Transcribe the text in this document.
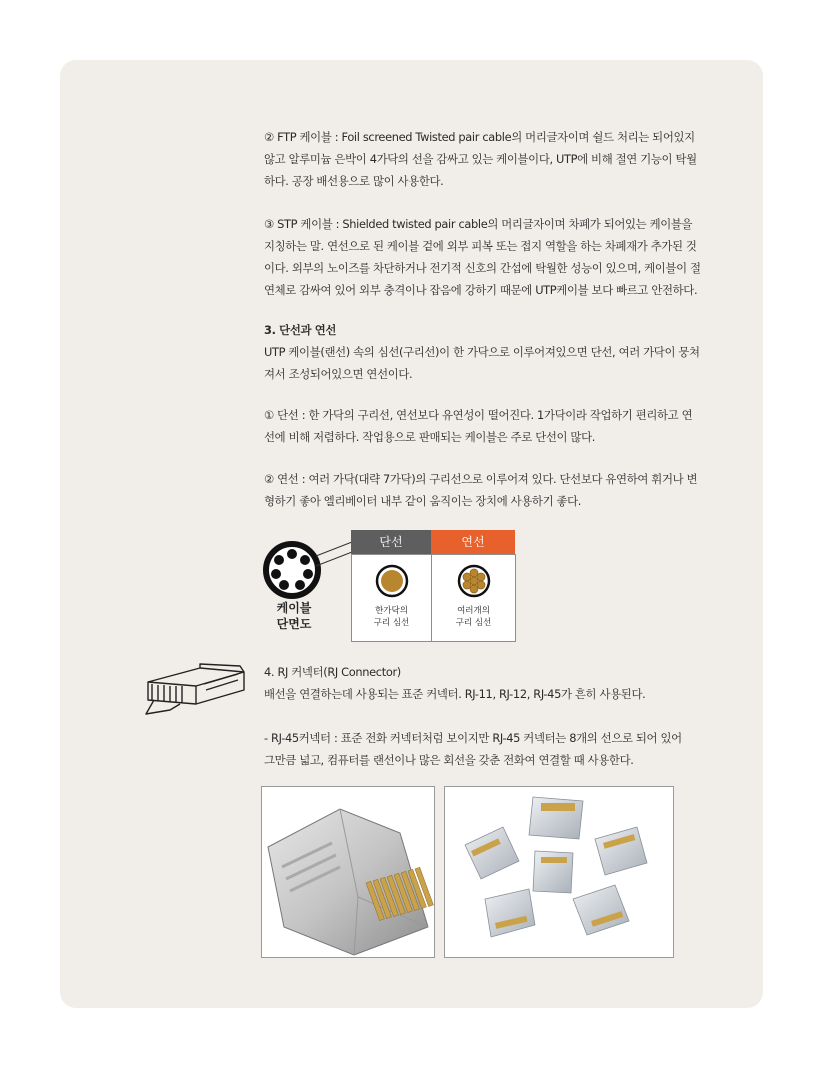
② FTP 케이블 : Foil screened Twisted pair cable의 머리글자이며 쉴드 처리는 되어있지

않고 알루미늄 은박이 4가닥의 선을 감싸고 있는 케이블이다, UTP에 비해 절연 기능이 탁월

하다. 공장 배선용으로 많이 사용한다.

③ STP 케이블 : Shielded twisted pair cable의 머리글자이며 차폐가 되어있는 케이블을

지칭하는 말. 연선으로 된 케이블 겉에 외부 피복 또는 접지 역할을 하는 차폐재가 추가된 것

이다. 외부의 노이즈를 차단하거나 전기적 신호의 간섭에 탁월한 성능이 있으며, 케이블이 절

연체로 감싸여 있어 외부 충격이나 잡음에 강하기 때문에 UTP케이블 보다 빠르고 안전하다.

3. 단선과 연선

UTP 케이블(랜선) 속의 심선(구리선)이 한 가닥으로 이루어져있으면 단선, 여러 가닥이 뭉쳐

져서 조성되어있으면 연선이다.

① 단선 : 한 가닥의 구리선, 연선보다 유연성이 떨어진다. 1가닥이라 작업하기 편리하고 연

선에 비해 저렴하다. 작업용으로 판매되는 케이블은 주로 단선이 많다.

② 연선 : 여러 가닥(대략 7가닥)의 구리선으로 이루어져 있다. 단선보다 유연하여 휘거나 변

형하기 좋아 엘리베이터 내부 같이 움직이는 장치에 사용하기 좋다.

케이블
단면도
단선	연선
한가닥의
구리 심선
여러개의
구리 심선

4. RJ 커넥터(RJ Connector)

배선을 연결하는데 사용되는 표준 커넥터. RJ-11, RJ-12, RJ-45가 흔히 사용된다.

- RJ-45커넥터 : 표준 전화 커넥터처럼 보이지만 RJ-45 커넥터는 8개의 선으로 되어 있어

그만큼 넓고, 컴퓨터를 랜선이나 많은 회선을 갖춘 전화여 연결할 때 사용한다.
